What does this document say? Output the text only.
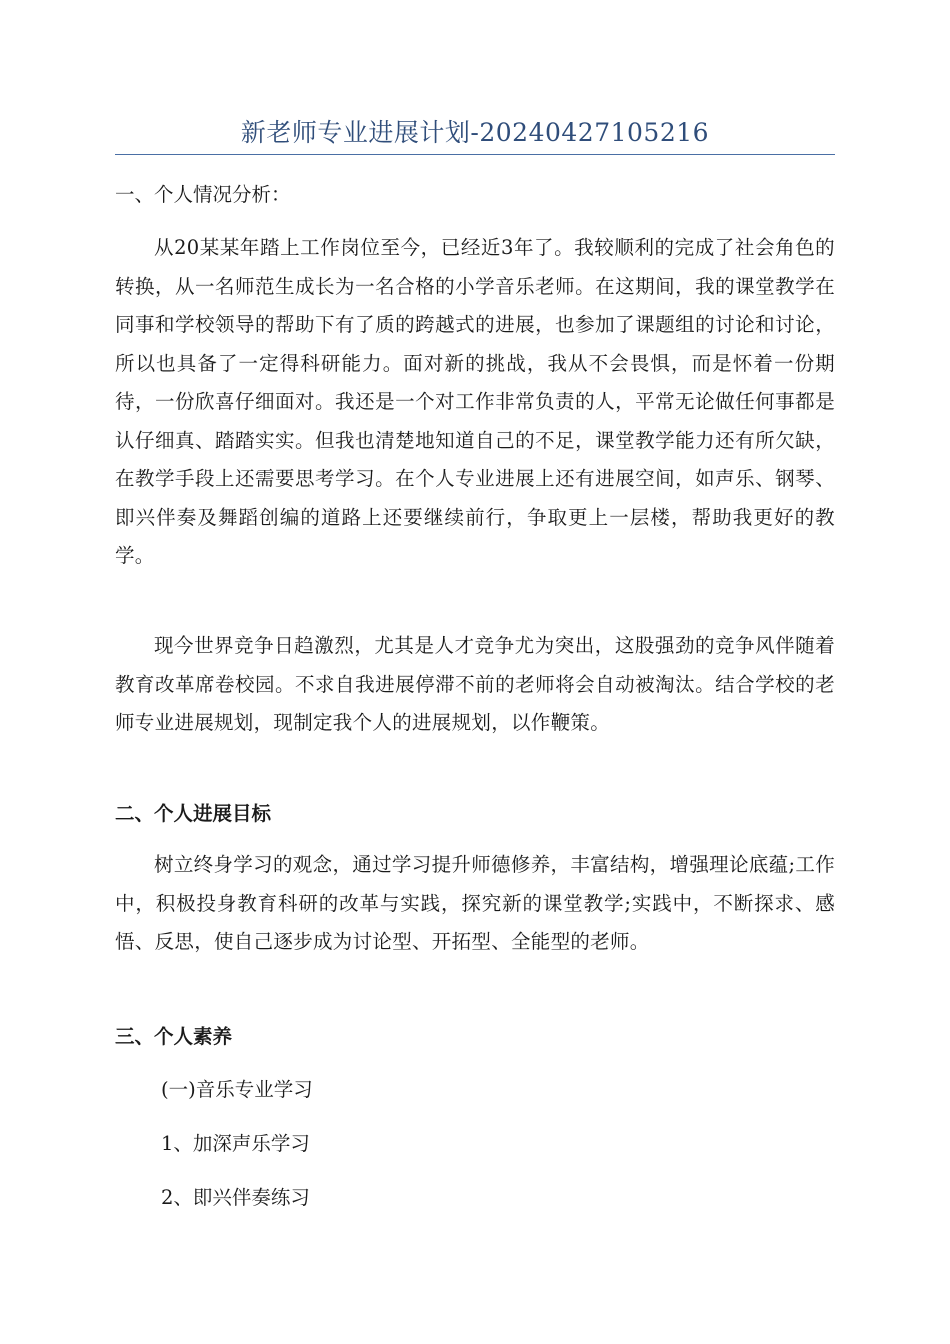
新老师专业进展计划-20240427105216
一、个人情况分析：
从20某某年踏上工作岗位至今，已经近3年了。我较顺利的完成了社会角色的转换，从一名师范生成长为一名合格的小学音乐老师。在这期间，我的课堂教学在同事和学校领导的帮助下有了质的跨越式的进展，也参加了课题组的讨论和讨论，所以也具备了一定得科研能力。面对新的挑战，我从不会畏惧，而是怀着一份期待，一份欣喜仔细面对。我还是一个对工作非常负责的人，平常无论做任何事都是认仔细真、踏踏实实。但我也清楚地知道自己的不足，课堂教学能力还有所欠缺，在教学手段上还需要思考学习。在个人专业进展上还有进展空间，如声乐、钢琴、即兴伴奏及舞蹈创编的道路上还要继续前行，争取更上一层楼，帮助我更好的教学。
现今世界竞争日趋激烈，尤其是人才竞争尤为突出，这股强劲的竞争风伴随着教育改革席卷校园。不求自我进展停滞不前的老师将会自动被淘汰。结合学校的老师专业进展规划，现制定我个人的进展规划，以作鞭策。
二、个人进展目标
树立终身学习的观念，通过学习提升师德修养，丰富结构，增强理论底蕴;工作中，积极投身教育科研的改革与实践，探究新的课堂教学;实践中，不断探求、感悟、反思，使自己逐步成为讨论型、开拓型、全能型的老师。
三、个人素养
(一)音乐专业学习
1、加深声乐学习
2、即兴伴奏练习
